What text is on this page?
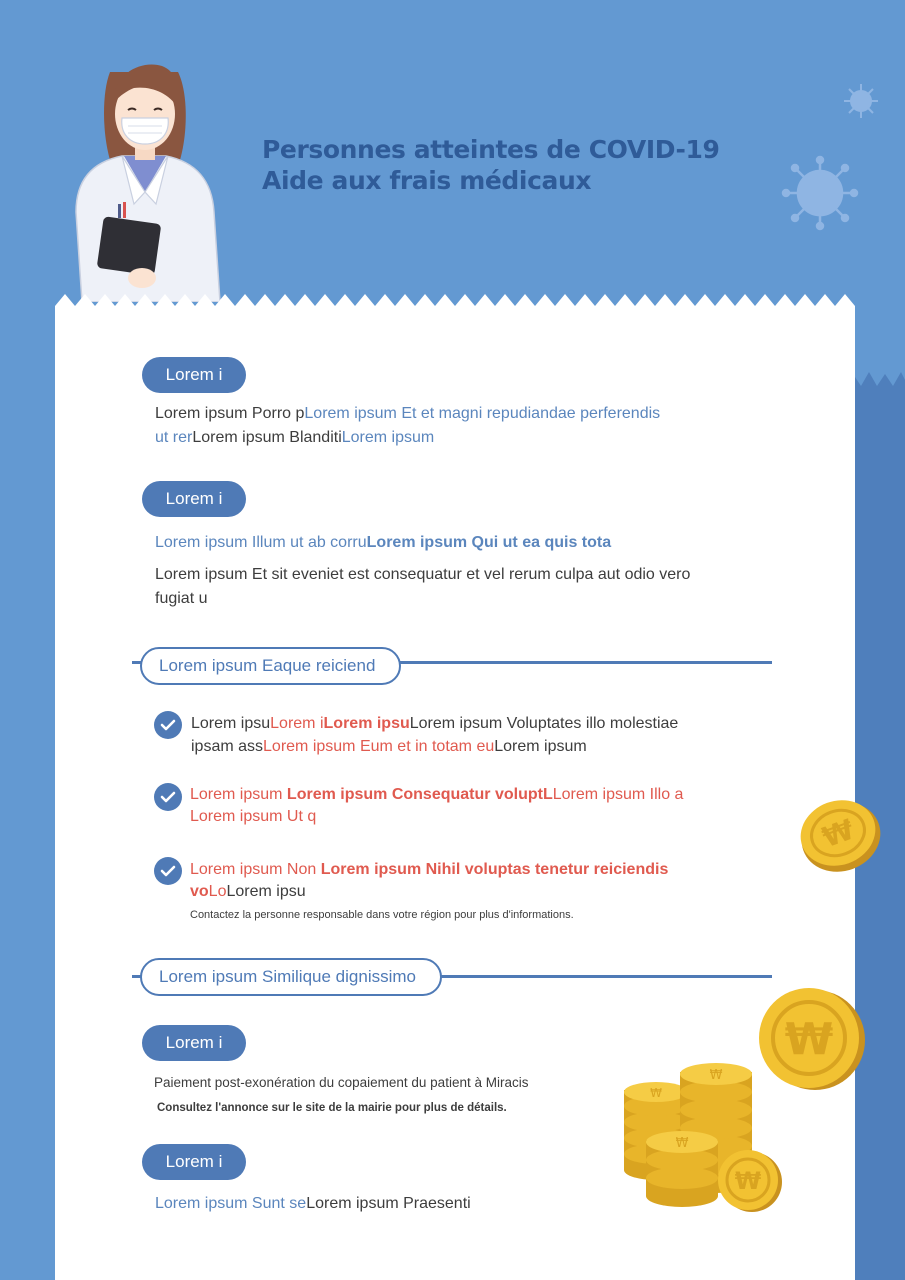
Personnes atteintes de COVID-19
Aide aux frais médicaux
Lorem i
Lorem ipsum Porro pLorem ipsum Et et magni repudiandae perferendis
ut rerLorem ipsum BlanditiLorem ipsum
Lorem i
Lorem ipsum Illum ut ab corruLorem ipsum Qui ut ea quis tota
Lorem ipsum Et sit eveniet est consequatur et vel rerum culpa aut odio vero
fugiat u
Lorem ipsum Eaque reiciend
Lorem ipsuLorem iLorem ipsuLorem ipsum Voluptates illo molestiae
ipsam assLorem ipsum Eum et in totam euLorem ipsum
Lorem ipsum Lorem ipsum Consequatur voluptLLorem ipsum Illo a
Lorem ipsum Ut q
Lorem ipsum Non Lorem ipsum Nihil voluptas tenetur reiciendis
voLoLorem ipsu
Contactez la personne responsable dans votre région pour plus d'informations.
Lorem ipsum Similique dignissimo
Lorem i
Paiement post-exonération du copaiement du patient à Miracis
Consultez l'annonce sur le site de la mairie pour plus de détails.
Lorem i
Lorem ipsum Sunt seLorem ipsum Praesenti
₩
₩
₩
₩
₩
₩
